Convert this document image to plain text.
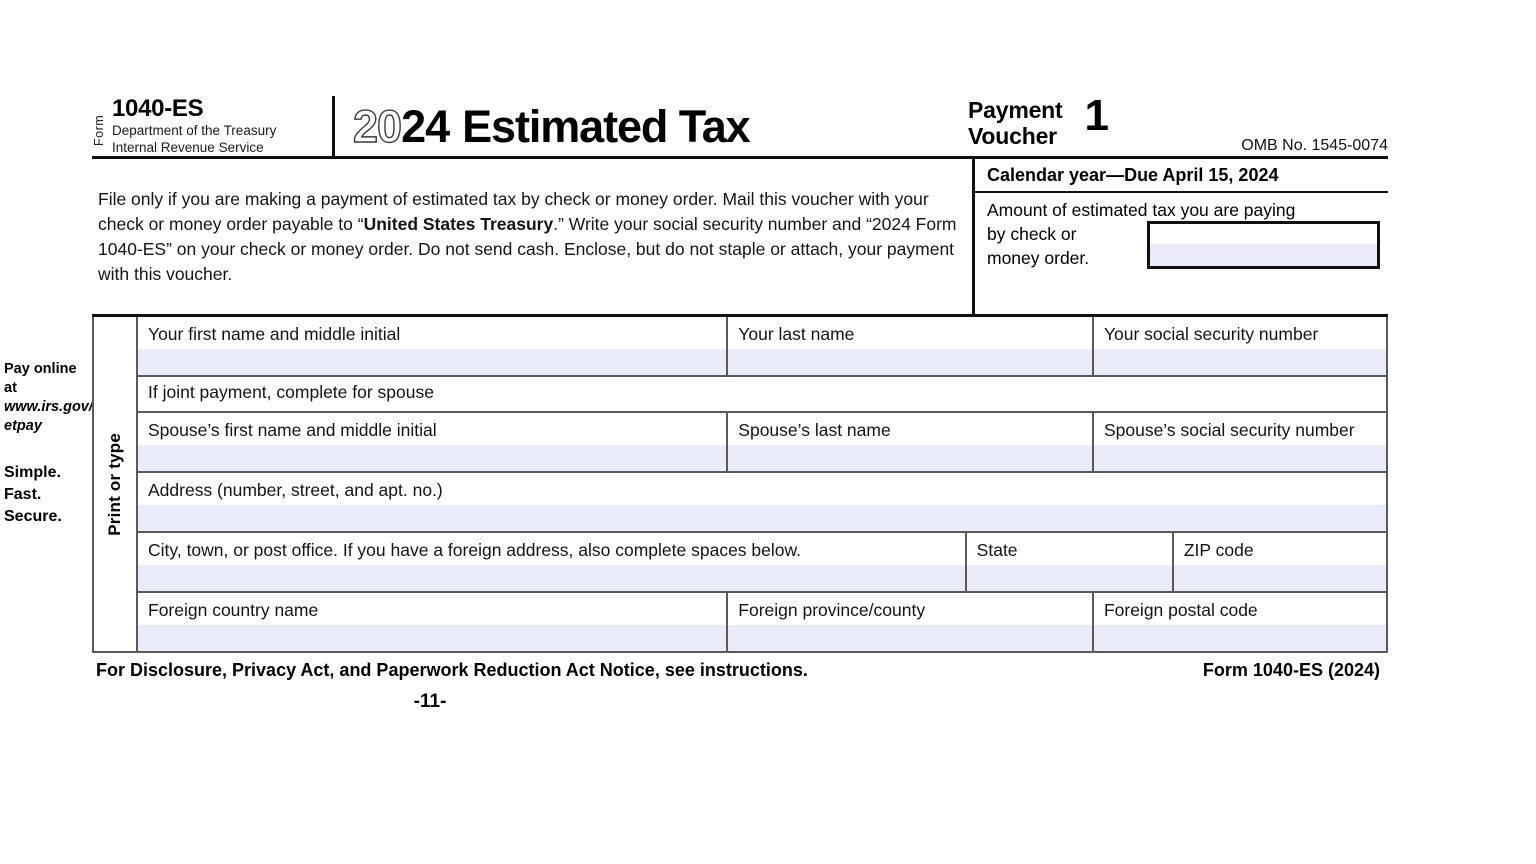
Pay online at
www.irs.gov/
etpay
Simple.
Fast.
Secure.
Form
1040-ES
Department of the Treasury
Internal Revenue Service 20 24 Estimated Tax	Payment
Voucher 1
OMB No. 1545-0074

File only if you are making a payment of estimated tax by check or money order. Mail this voucher with your check or money order payable to “United States Treasury.” Write your social security number and “2024 Form 1040-ES” on your check or money order. Do not send cash. Enclose, but do not staple or attach, your payment with this voucher.

Calendar year—Due April 15, 2024
Amount of estimated tax you are paying
by check or
money order.
Print or type
Your first name and middle initial	Your last name	Your social security number
If joint payment, complete for spouse
Spouse’s first name and middle initial	Spouse’s last name	Spouse’s social security number
Address (number, street, and apt. no.)
City, town, or post office. If you have a foreign address, also complete spaces below.	State	ZIP code
Foreign country name	Foreign province/county	Foreign postal code
For Disclosure, Privacy Act, and Paperwork Reduction Act Notice, see instructions.	Form 1040-ES (2024)
-11-
